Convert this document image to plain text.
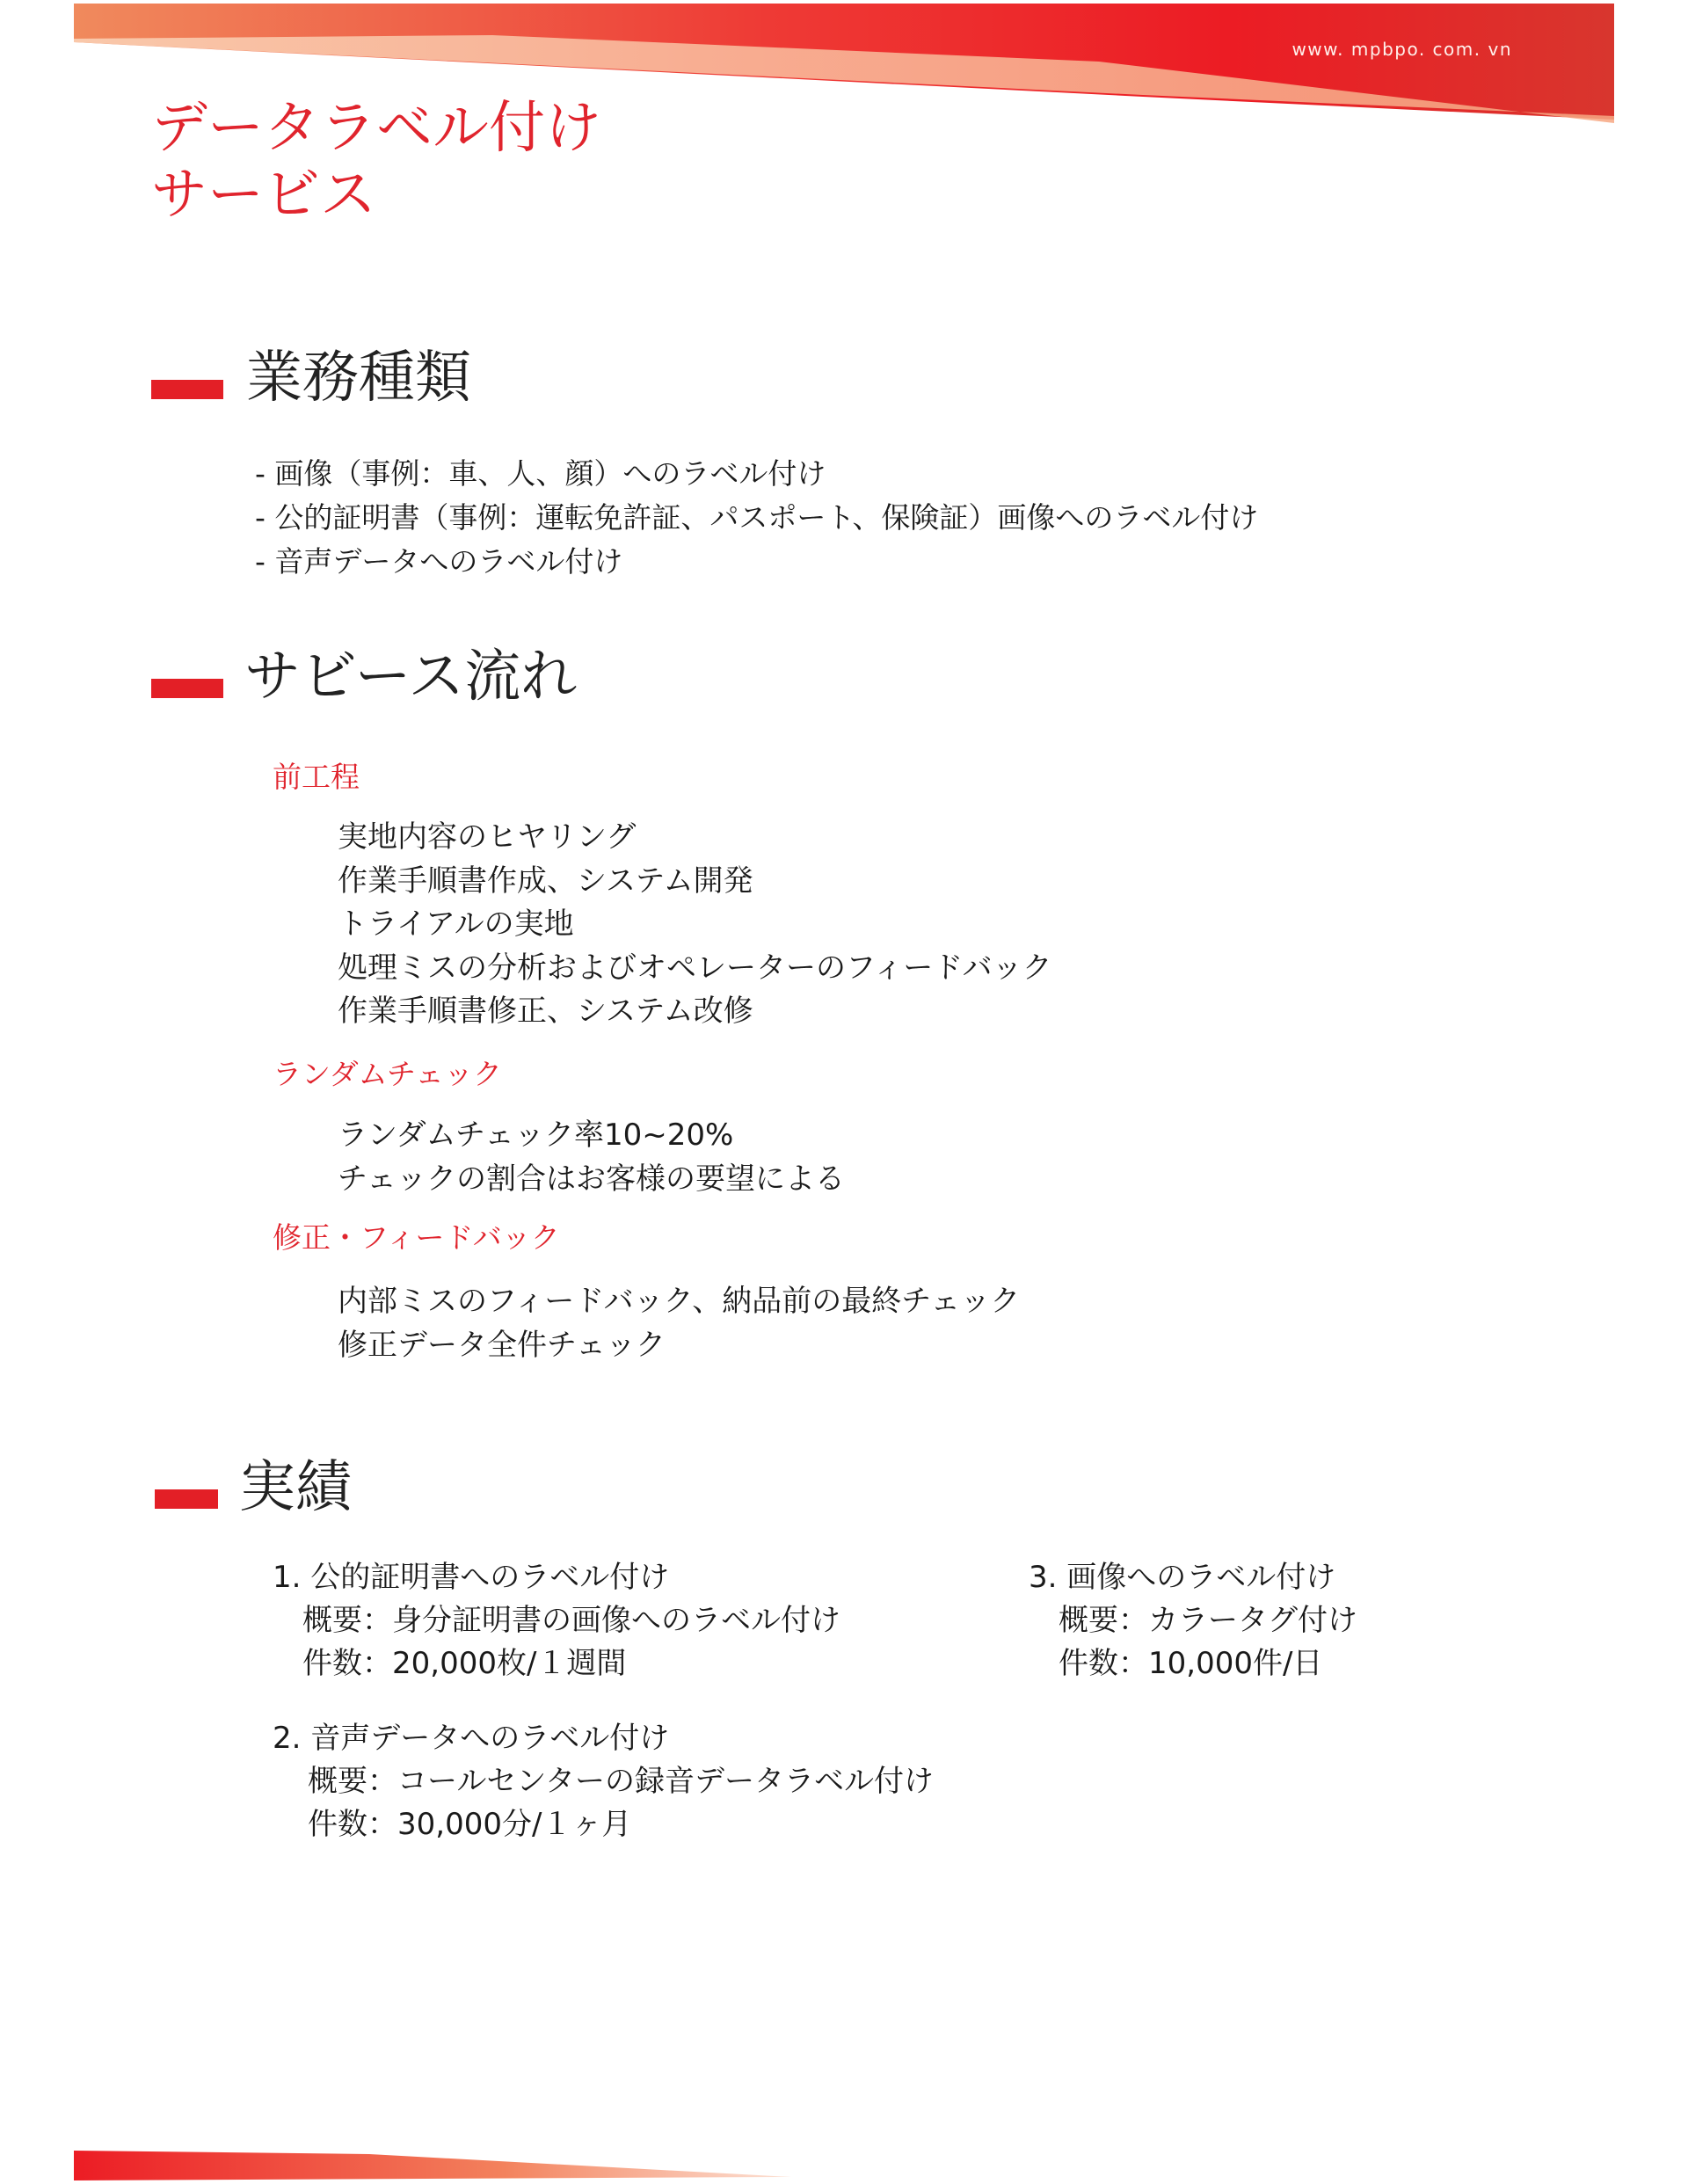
www. mpbpo. com. vn
データラベル付け
サービス
業務種類
- 画像（事例：車、人、顔）へのラベル付け
- 公的証明書（事例：運転免許証、パスポート、保険証）画像へのラベル付け
- 音声データへのラベル付け
サビース流れ
前工程
実地内容のヒヤリング
作業手順書作成、システム開発
トライアルの実地
処理ミスの分析およびオペレーターのフィードバック
作業手順書修正、システム改修
ランダムチェック
ランダムチェック率10~20%
チェックの割合はお客様の要望による
修正・フィードバック
内部ミスのフィードバック、納品前の最終チェック
修正データ全件チェック
実績
1. 公的証明書へのラベル付け
概要：身分証明書の画像へのラベル付け
件数：20,000枚/１週間
2. 音声データへのラベル付け
概要：コールセンターの録音データラベル付け
件数：30,000分/１ヶ月
3. 画像へのラベル付け
概要：カラータグ付け
件数：10,000件/日
